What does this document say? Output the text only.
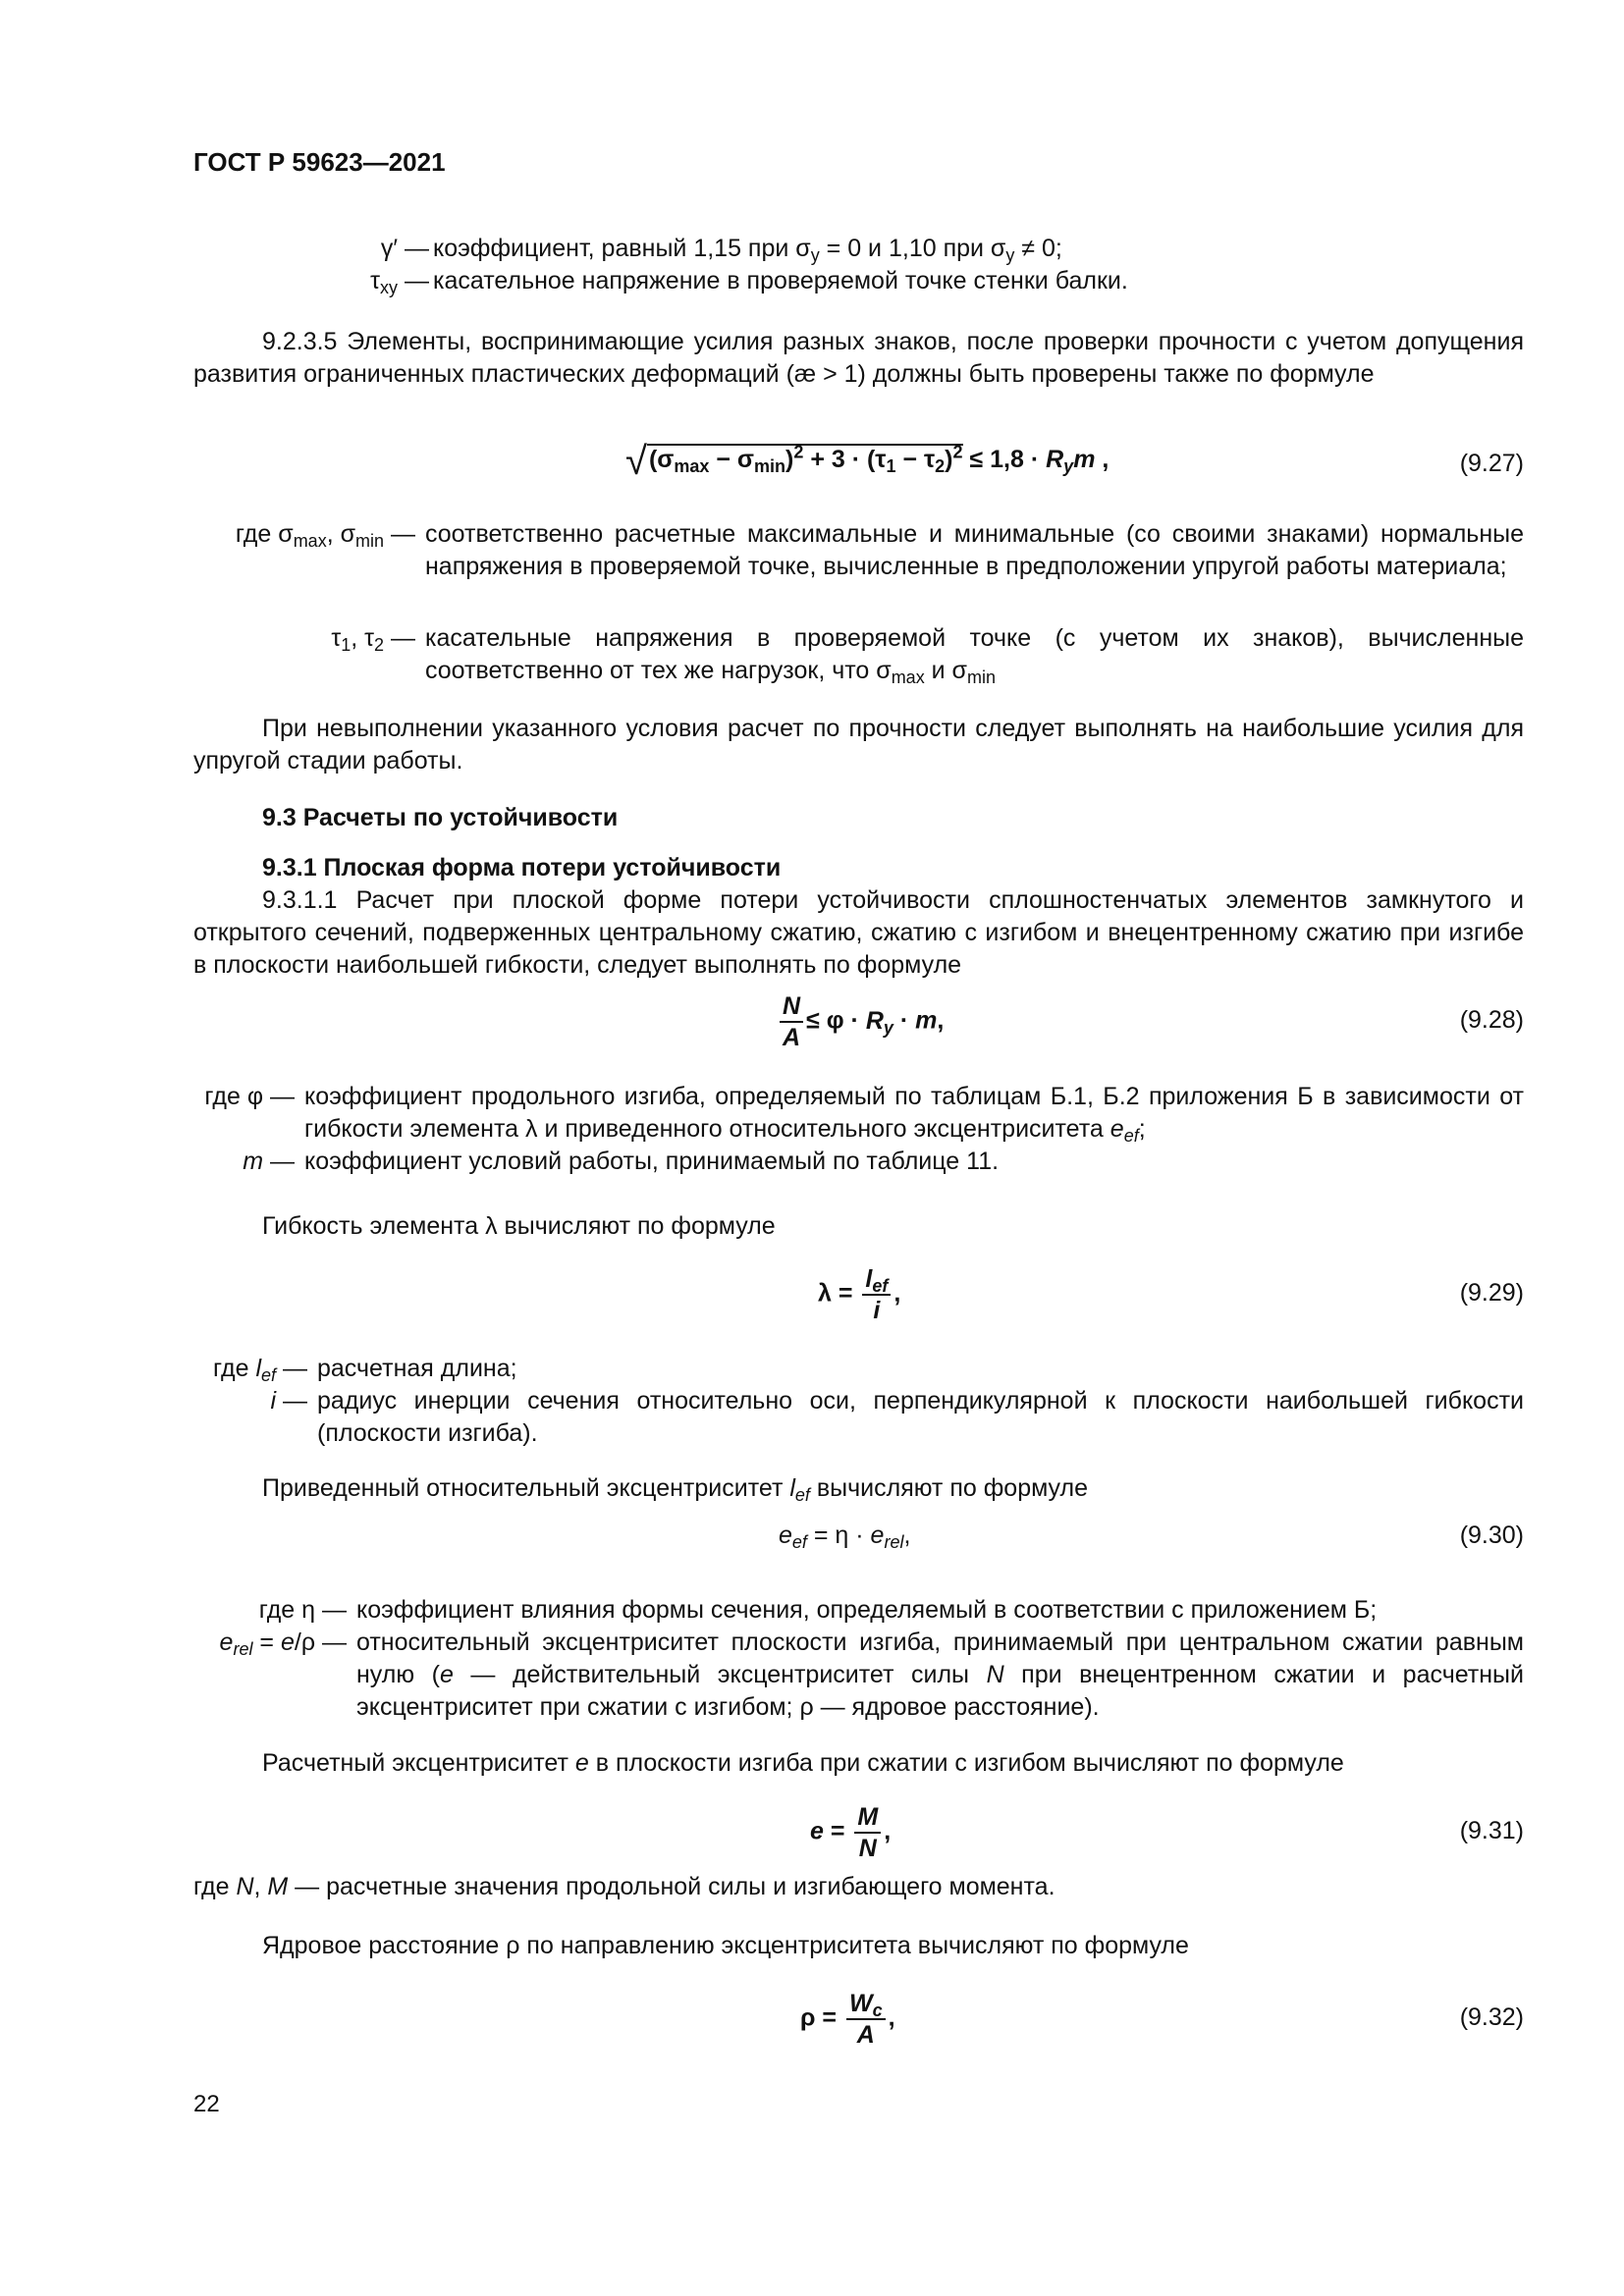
ГОСТ Р 59623—2021
γ′ — коэффициент, равный 1,15 при $\sigma_y = 0$ и 1,10 при $\sigma_y \ne 0$;
$\tau_{xy}$ — касательное напряжение в проверяемой точке стенки балки.
9.2.3.5 Элементы, воспринимающие усилия разных знаков, после проверки прочности с учетом допущения развития ограниченных пластических деформаций (æ > 1) должны быть проверены также по формуле
$√(\sigma_{max} - \sigma_{min})^2 + 3 \cdot (\tau_1 - \tau_2)^2 \le 1,8 \cdot R_ym$ ,	(9.27)
где $\sigma_{max}$, $\sigma_{min}$ — соответственно расчетные максимальные и минимальные (со своими знаками) нормальные напряжения в проверяемой точке, вычисленные в предположении упругой работы материала;
$\tau_1$, $\tau_2$ — касательные напряжения в проверяемой точке (с учетом их знаков), вычисленные соответственно от тех же нагрузок, что $\sigma_{max}$ и $\sigma_{min}$
При невыполнении указанного условия расчет по прочности следует выполнять на наибольшие усилия для упругой стадии работы.
9.3 Расчеты по устойчивости
9.3.1 Плоская форма потери устойчивости
9.3.1.1 Расчет при плоской форме потери устойчивости сплошностенчатых элементов замкнутого и открытого сечений, подверженных центральному сжатию, сжатию с изгибом и внецентренному сжатию при изгибе в плоскости наибольшей гибкости, следует выполнять по формуле
$\frac{N}{A} \le \varphi \cdot R_y \cdot m$,	(9.28)
где φ — коэффициент продольного изгиба, определяемый по таблицам Б.1, Б.2 приложения Б в зависимости от гибкости элемента λ и приведенного относительного эксцентриситета $e_{ef}$;
m — коэффициент условий работы, принимаемый по таблице 11.
Гибкость элемента λ вычисляют по формуле
$\lambda = \frac{l_{ef}}{i}$ ,	(9.29)
где $l_{ef}$ — расчетная длина;
i — радиус инерции сечения относительно оси, перпендикулярной к плоскости наибольшей гибкости (плоскости изгиба).
Приведенный относительный эксцентриситет $l_{ef}$ вычисляют по формуле
$e_{ef} = \eta \cdot e_{rel}$,	(9.30)
где η — коэффициент влияния формы сечения, определяемый в соответствии с приложением Б;
$e_{rel} = e/\rho$ — относительный эксцентриситет плоскости изгиба, принимаемый при центральном сжатии равным нулю (e — действительный эксцентриситет силы N при внецентренном сжатии и расчетный эксцентриситет при сжатии с изгибом; ρ — ядровое расстояние).
Расчетный эксцентриситет e в плоскости изгиба при сжатии с изгибом вычисляют по формуле
$e = \frac{M}{N}$ ,	(9.31)
где N, M — расчетные значения продольной силы и изгибающего момента.
Ядровое расстояние ρ по направлению эксцентриситета вычисляют по формуле
$\rho = \frac{W_c}{A}$ ,	(9.32)
22
